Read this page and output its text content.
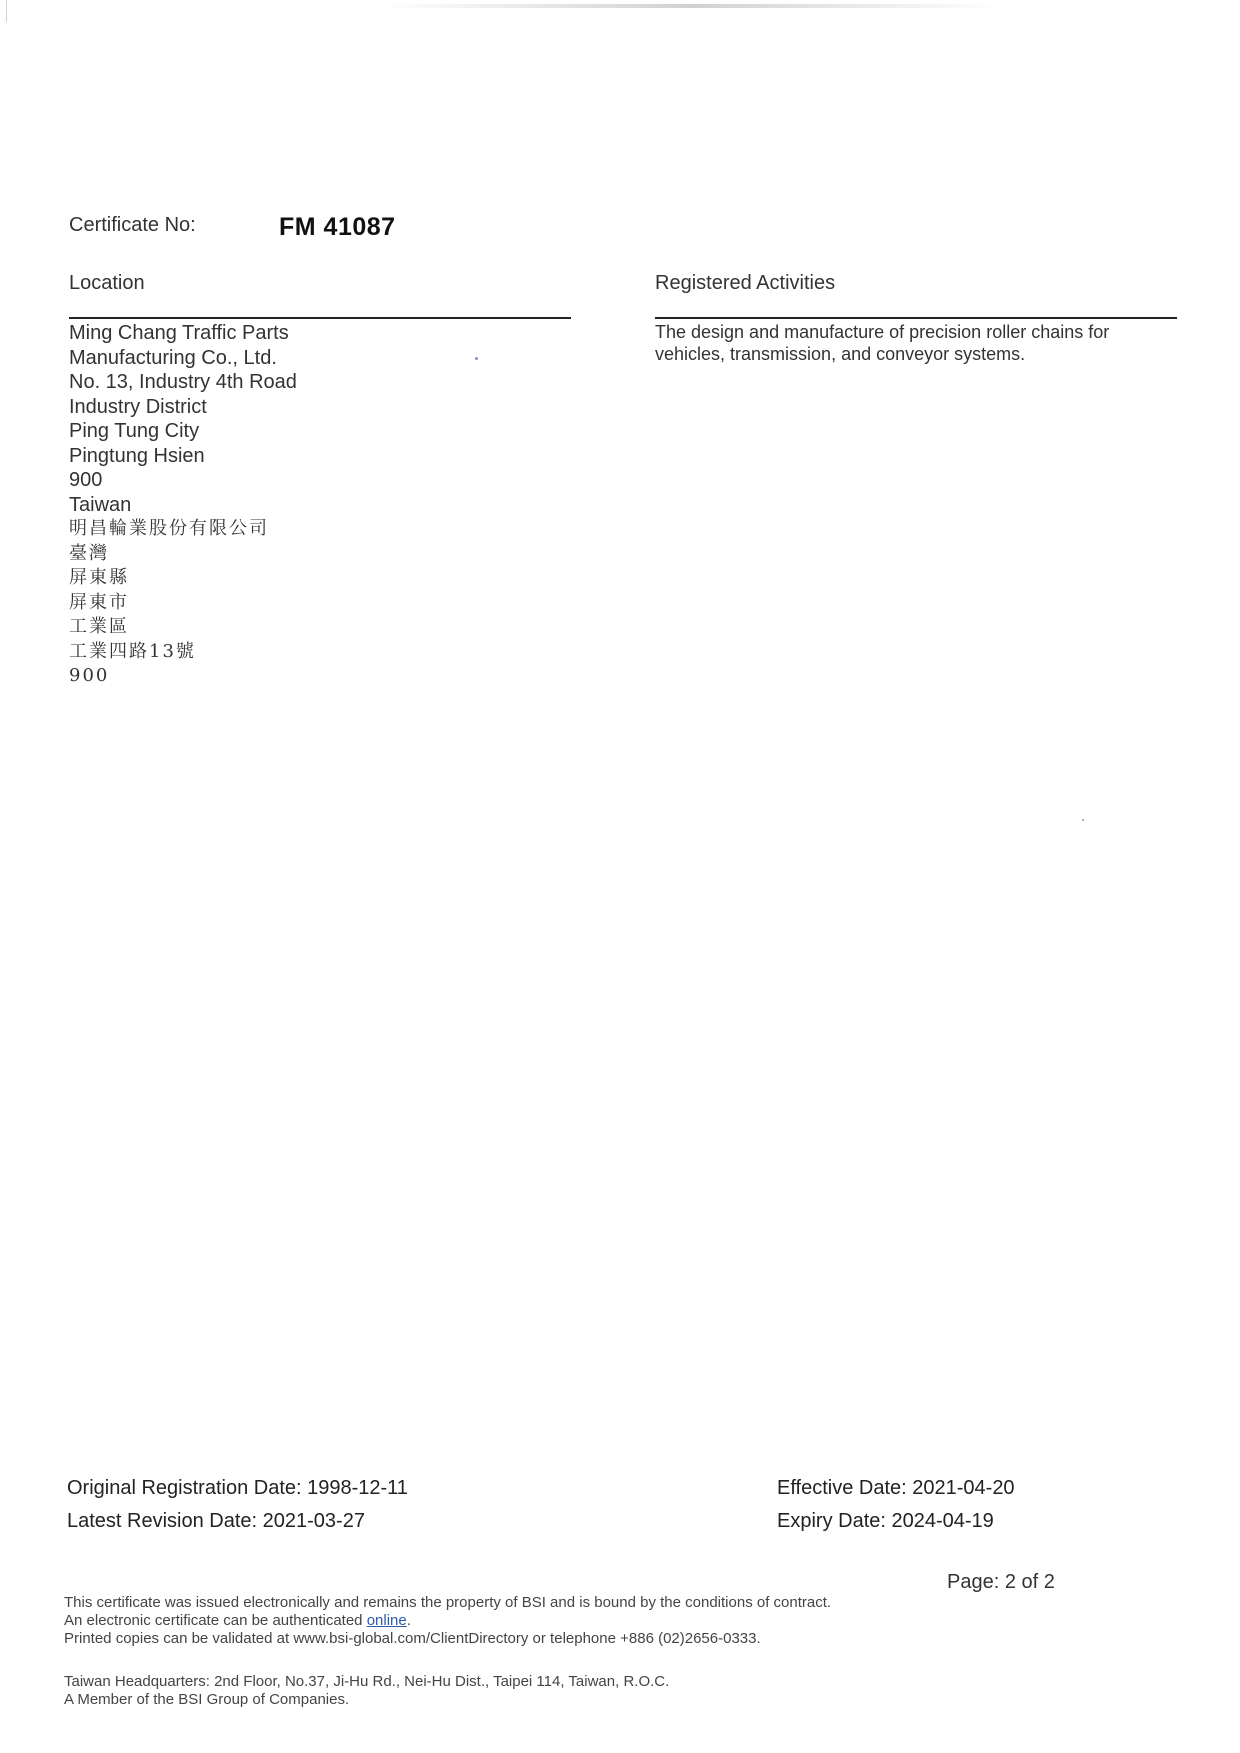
Certificate No:	FM 41087
Location	Registered Activities
Ming Chang Traffic Parts
Manufacturing Co., Ltd.
No. 13, Industry 4th Road
Industry District
Ping Tung City
Pingtung Hsien
900
Taiwan
明昌輪業股份有限公司
臺灣
屏東縣
屏東市
工業區
工業四路13號
900
The design and manufacture of precision roller chains for vehicles, transmission, and conveyor systems.
Original Registration Date: 1998-12-11
Latest Revision Date: 2021-03-27
Effective Date: 2021-04-20
Expiry Date: 2024-04-19
Page: 2 of 2
This certificate was issued electronically and remains the property of BSI and is bound by the conditions of contract.
An electronic certificate can be authenticated online.
Printed copies can be validated at www.bsi-global.com/ClientDirectory or telephone +886 (02)2656-0333.
Taiwan Headquarters: 2nd Floor, No.37, Ji-Hu Rd., Nei-Hu Dist., Taipei 114, Taiwan, R.O.C.
A Member of the BSI Group of Companies.
